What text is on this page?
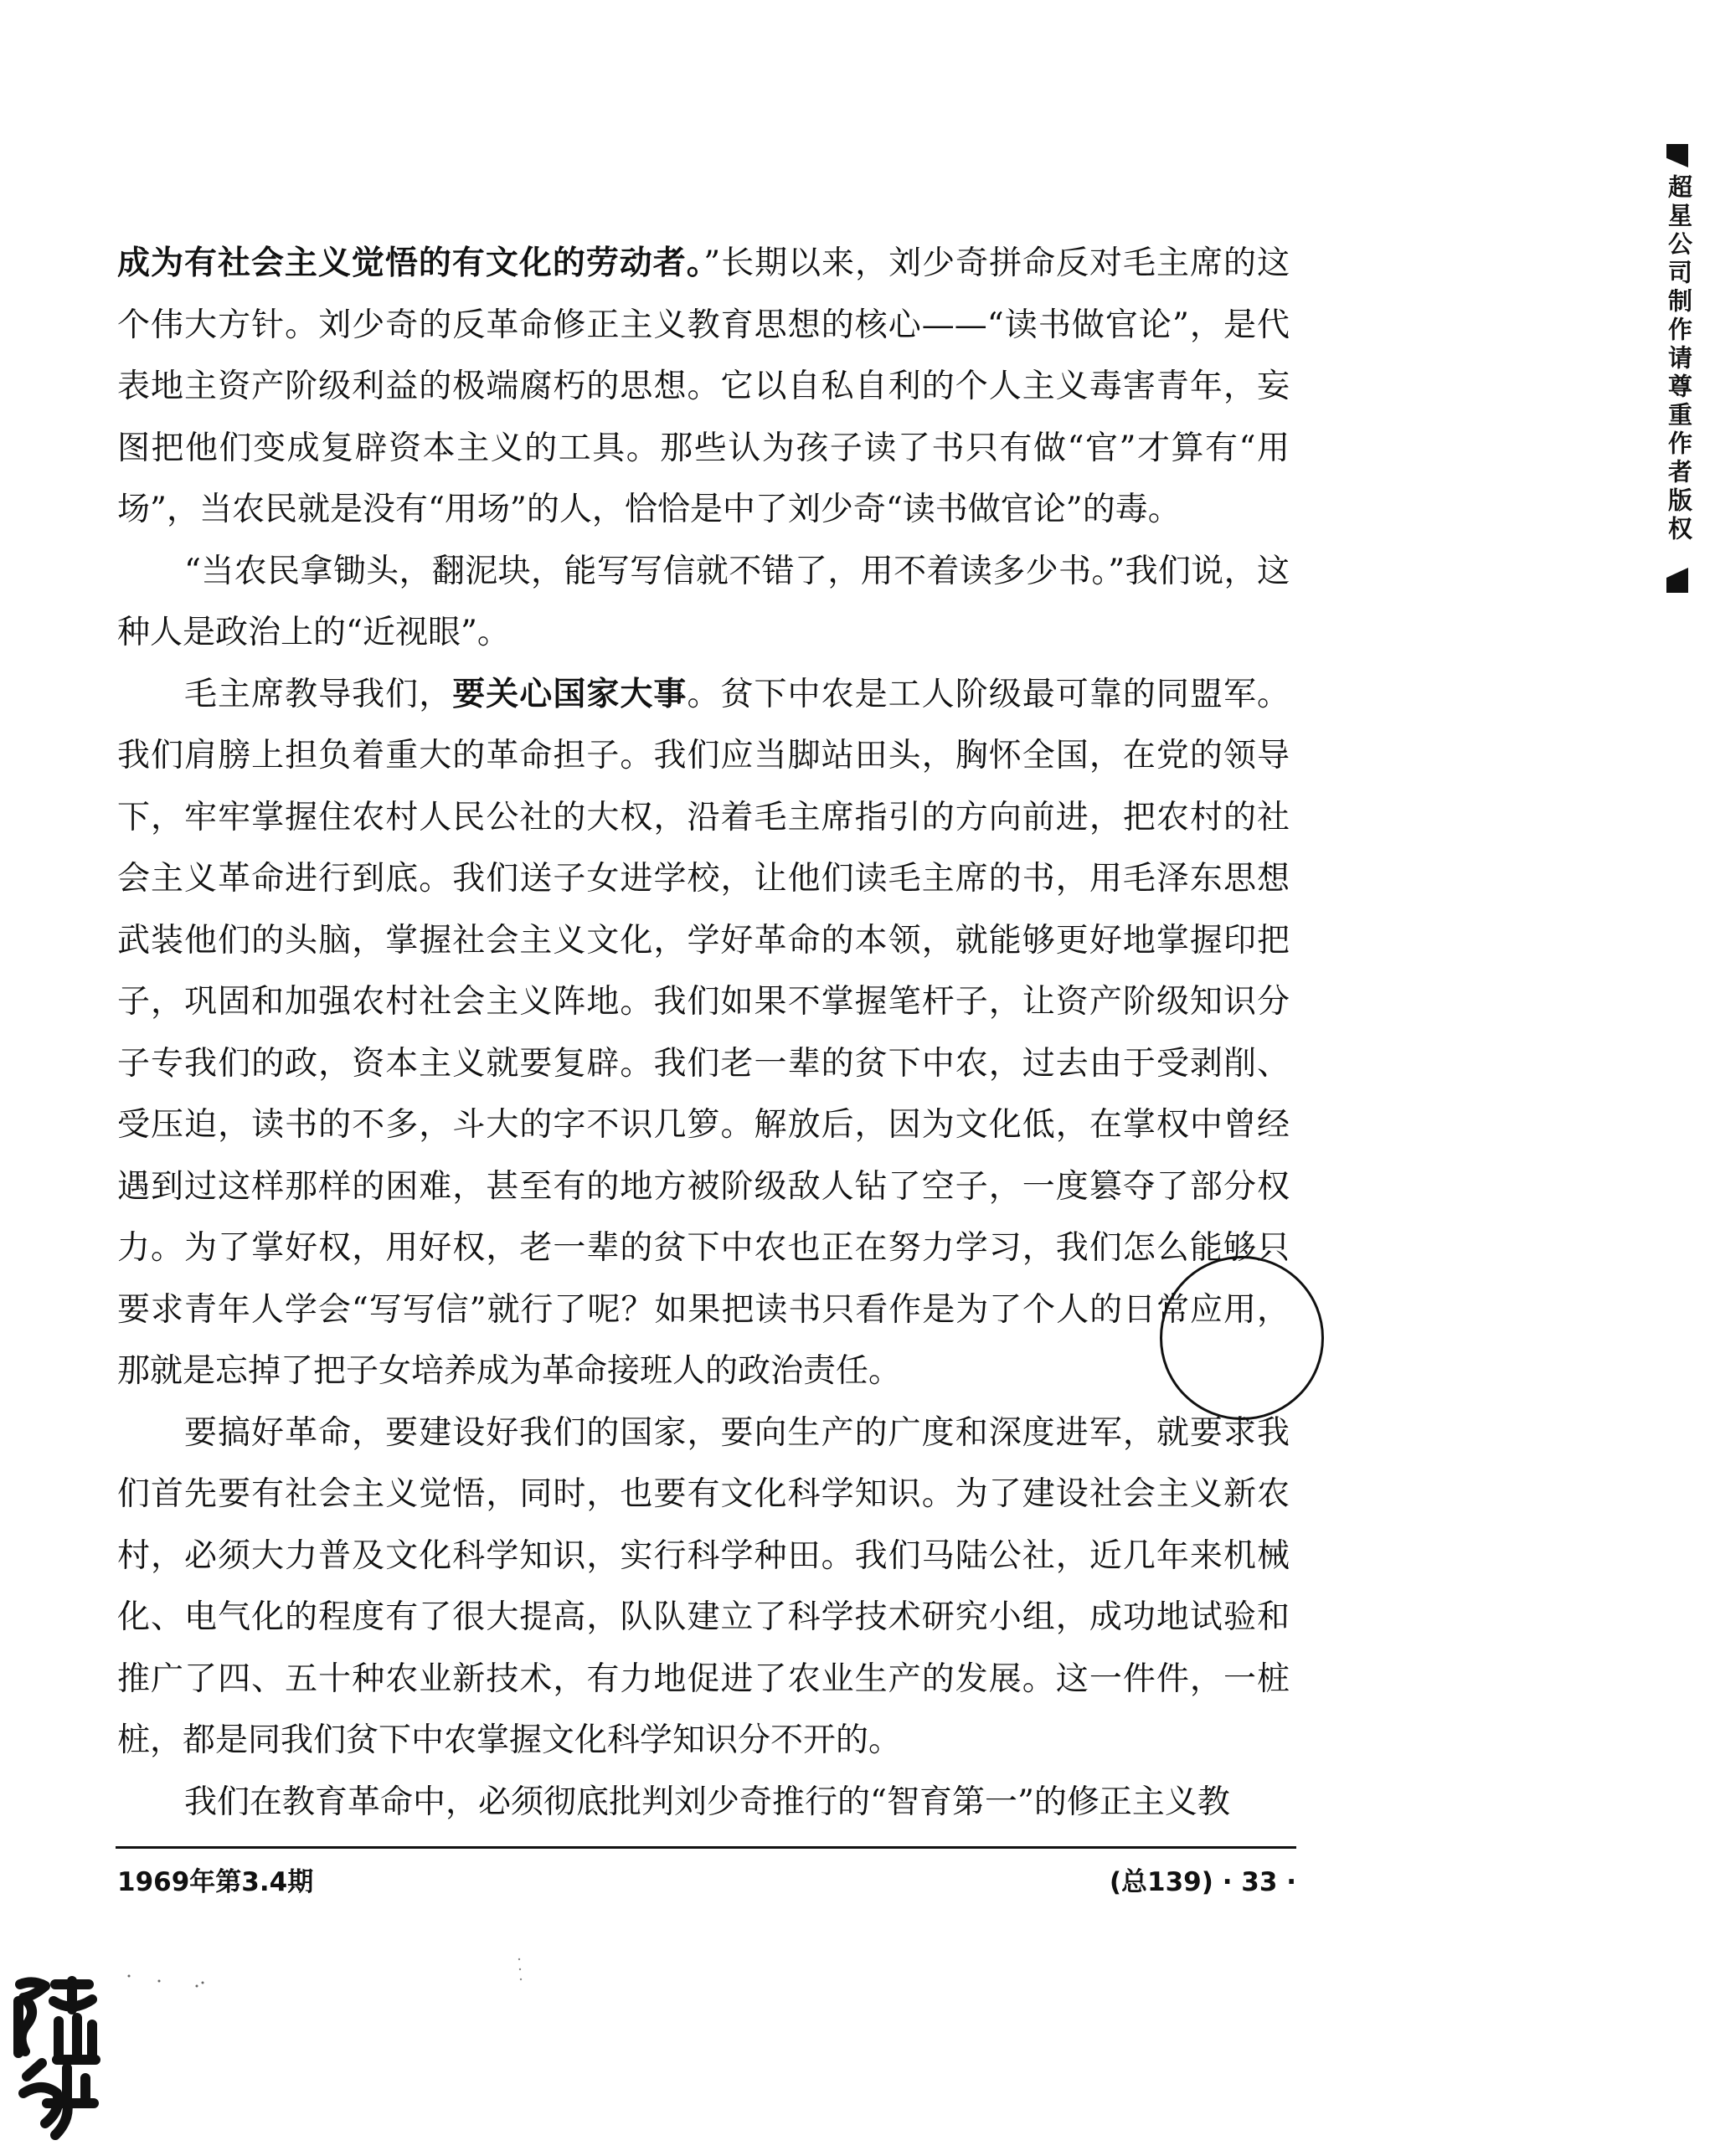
超星公司制作请尊重作者版权

成为有社会主义觉悟的有文化的劳动者。”长期以来，刘少奇拼命反对毛主席的这个伟大方针。刘少奇的反革命修正主义教育思想的核心——“读书做官论”，是代表地主资产阶级利益的极端腐朽的思想。它以自私自利的个人主义毒害青年，妄图把他们变成复辟资本主义的工具。那些认为孩子读了书只有做“官”才算有“用场”，当农民就是没有“用场”的人，恰恰是中了刘少奇“读书做官论”的毒。

“当农民拿锄头，翻泥块，能写写信就不错了，用不着读多少书。”我们说，这种人是政治上的“近视眼”。

毛主席教导我们，要关心国家大事。贫下中农是工人阶级最可靠的同盟军。我们肩膀上担负着重大的革命担子。我们应当脚站田头，胸怀全国，在党的领导下，牢牢掌握住农村人民公社的大权，沿着毛主席指引的方向前进，把农村的社会主义革命进行到底。我们送子女进学校，让他们读毛主席的书，用毛泽东思想武装他们的头脑，掌握社会主义文化，学好革命的本领，就能够更好地掌握印把子，巩固和加强农村社会主义阵地。我们如果不掌握笔杆子，让资产阶级知识分子专我们的政，资本主义就要复辟。我们老一辈的贫下中农，过去由于受剥削、受压迫，读书的不多，斗大的字不识几箩。解放后，因为文化低，在掌权中曾经遇到过这样那样的困难，甚至有的地方被阶级敌人钻了空子，一度篡夺了部分权力。为了掌好权，用好权，老一辈的贫下中农也正在努力学习，我们怎么能够只要求青年人学会“写写信”就行了呢？如果把读书只看作是为了个人的日常应用，那就是忘掉了把子女培养成为革命接班人的政治责任。

要搞好革命，要建设好我们的国家，要向生产的广度和深度进军，就要求我们首先要有社会主义觉悟，同时，也要有文化科学知识。为了建设社会主义新农村，必须大力普及文化科学知识，实行科学种田。我们马陆公社，近几年来机械化、电气化的程度有了很大提高，队队建立了科学技术研究小组，成功地试验和推广了四、五十种农业新技术，有力地促进了农业生产的发展。这一件件，一桩桩，都是同我们贫下中农掌握文化科学知识分不开的。

我们在教育革命中，必须彻底批判刘少奇推行的“智育第一”的修正主义教

1969年第3.4期	(总139) · 33 ·
